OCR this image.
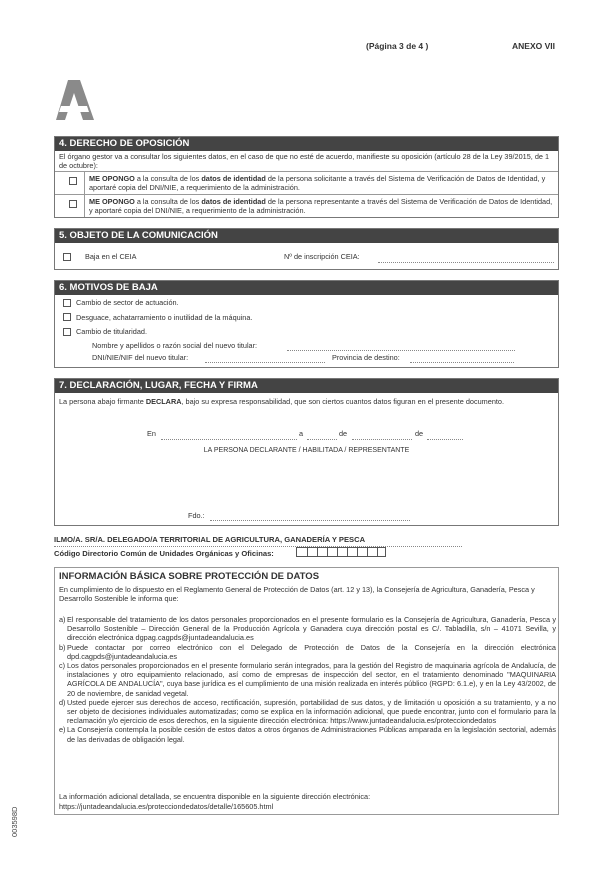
(Página 3 de 4 )	ANEXO VII
4. DERECHO DE OPOSICIÓN
El órgano gestor va a consultar los siguientes datos, en el caso de que no esté de acuerdo, manifieste su oposición (artículo 28 de la Ley 39/2015, de 1 de octubre):
ME OPONGO a la consulta de los datos de identidad de la persona solicitante a través del Sistema de Verificación de Datos de Identidad, y aportaré copia del DNI/NIE, a requerimiento de la administración.
ME OPONGO a la consulta de los datos de identidad de la persona representante a través del Sistema de Verificación de Datos de Identidad, y aportaré copia del DNI/NIE, a requerimiento de la administración.
5. OBJETO DE LA COMUNICACIÓN
Baja en el CEIA	Nº de inscripción CEIA:
6. MOTIVOS DE BAJA
Cambio de sector de actuación.
Desguace, achatarramiento o inutilidad de la máquina.
Cambio de titularidad.
Nombre y apellidos o razón social del nuevo titular:
DNI/NIE/NIF del nuevo titular:	Provincia de destino:
7. DECLARACIÓN, LUGAR, FECHA Y FIRMA
La persona abajo firmante DECLARA, bajo su expresa responsabilidad, que son ciertos cuantos datos figuran en el presente documento.
En	a	de	de
LA PERSONA DECLARANTE / HABILITADA / REPRESENTANTE
Fdo.:
ILMO/A. SR/A. DELEGADO/A TERRITORIAL DE AGRICULTURA, GANADERÍA Y PESCA
Código Directorio Común de Unidades Orgánicas y Oficinas:
INFORMACIÓN BÁSICA SOBRE PROTECCIÓN DE DATOS
En cumplimiento de lo dispuesto en el Reglamento General de Protección de Datos (art. 12 y 13), la Consejería de Agricultura, Ganadería, Pesca y Desarrollo Sostenible le informa que:
a) El responsable del tratamiento de los datos personales proporcionados en el presente formulario es la Consejería de Agricultura, Ganadería, Pesca y Desarrollo Sostenible – Dirección General de la Producción Agrícola y Ganadera cuya dirección postal es C/. Tabladilla, s/n – 41071 Sevilla, y dirección electrónica dgpag.cagpds@juntadeandalucia.es
b) Puede contactar por correo electrónico con el Delegado de Protección de Datos de la Consejería en la dirección electrónica dpd.cagpds@juntadeandalucia.es
c) Los datos personales proporcionados en el presente formulario serán integrados, para la gestión del Registro de maquinaria agrícola de Andalucía, de instalaciones y otro equipamiento relacionado, así como de empresas de inspección del sector, en el tratamiento denominado "MAQUINARIA AGRÍCOLA DE ANDALUCÍA", cuya base jurídica es el cumplimiento de una misión realizada en interés público (RGPD: 6.1.e), y en la Ley 43/2002, de 20 de noviembre, de sanidad vegetal.
d) Usted puede ejercer sus derechos de acceso, rectificación, supresión, portabilidad de sus datos, y de limitación u oposición a su tratamiento, y a no ser objeto de decisiones individuales automatizadas; como se explica en la información adicional, que puede encontrar, junto con el formulario para la reclamación y/o ejercicio de esos derechos, en la siguiente dirección electrónica: https://www.juntadeandalucia.es/protecciondedatos
e) La Consejería contempla la posible cesión de estos datos a otros órganos de Administraciones Públicas amparada en la legislación sectorial, además de las derivadas de obligación legal.
La información adicional detallada, se encuentra disponible en la siguiente dirección electrónica:
https://juntadeandalucia.es/protecciondedatos/detalle/165605.html
003598D
